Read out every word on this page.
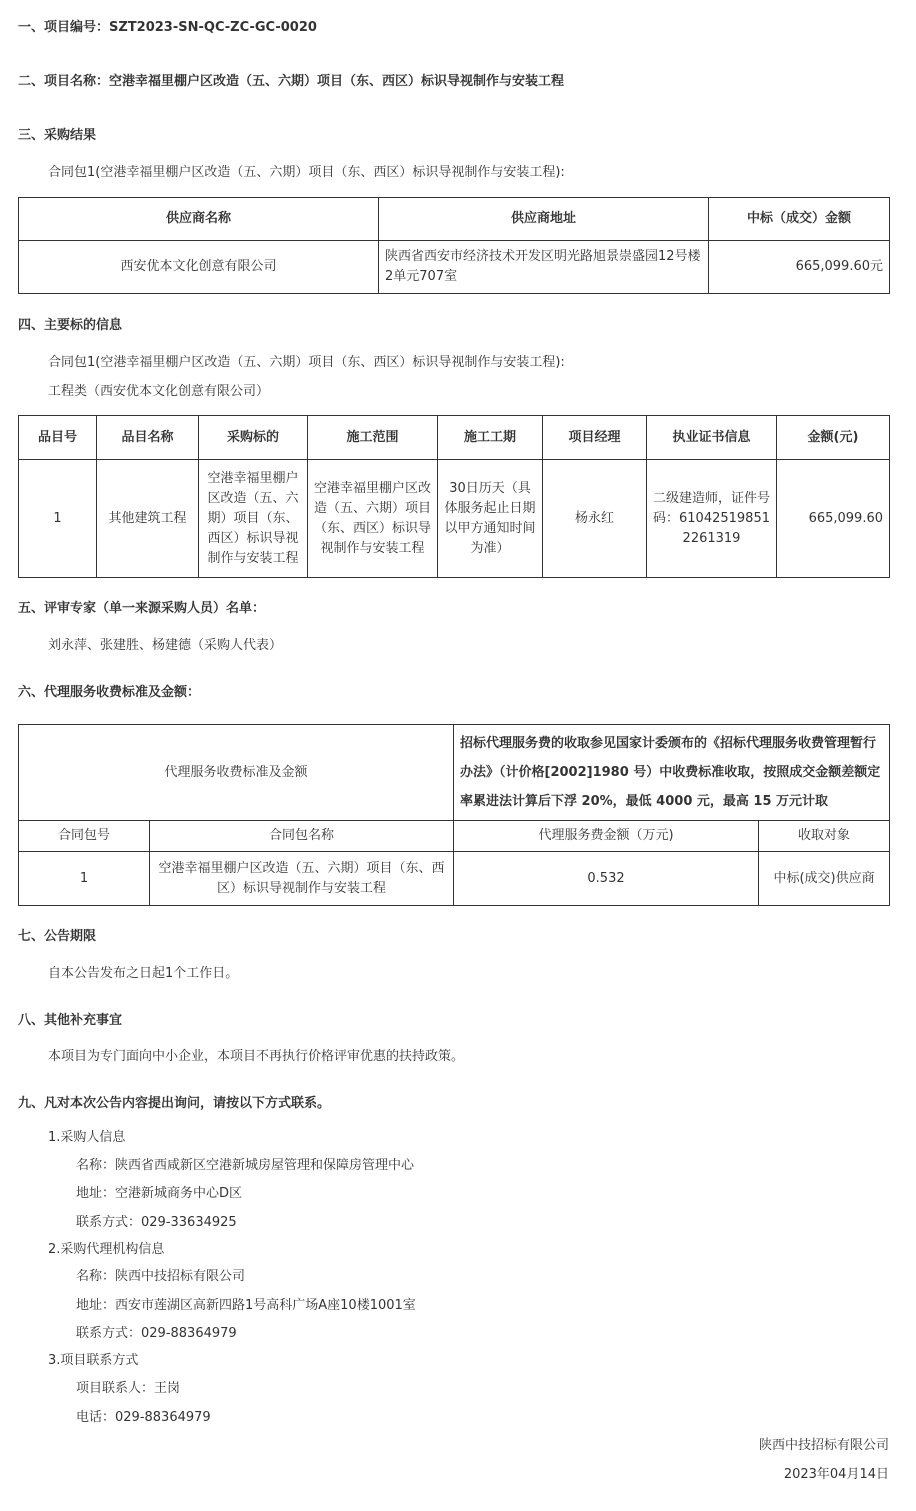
一、项目编号：SZT2023-SN-QC-ZC-GC-0020
二、项目名称：空港幸福里棚户区改造（五、六期）项目（东、西区）标识导视制作与安装工程
三、采购结果
合同包1(空港幸福里棚户区改造（五、六期）项目（东、西区）标识导视制作与安装工程):
供应商名称	供应商地址	中标（成交）金额
西安优本文化创意有限公司	陕西省西安市经济技术开发区明光路旭景崇盛园12号楼2单元707室	665,099.60元
四、主要标的信息
合同包1(空港幸福里棚户区改造（五、六期）项目（东、西区）标识导视制作与安装工程):
工程类（西安优本文化创意有限公司）
品目号	品目名称	采购标的	施工范围	施工工期	项目经理	执业证书信息	金额(元)
1	其他建筑工程	空港幸福里棚户区改造（五、六期）项目（东、西区）标识导视制作与安装工程	空港幸福里棚户区改造（五、六期）项目（东、西区）标识导视制作与安装工程	30日历天（具体服务起止日期以甲方通知时间为准）	杨永红	二级建造师，证件号码：610425198512261319	665,099.60
五、评审专家（单一来源采购人员）名单：
刘永萍、张建胜、杨建德（采购人代表）
六、代理服务收费标准及金额：
代理服务收费标准及金额		招标代理服务费的收取参见国家计委颁布的《招标代理服务收费管理暂行办法》（计价格[2002]1980 号）中收费标准收取，按照成交金额差额定率累进法计算后下浮 20%，最低 4000 元，最高 15 万元计取	
合同包号	合同包名称	代理服务费金额（万元)	收取对象
1	空港幸福里棚户区改造（五、六期）项目（东、西区）标识导视制作与安装工程	0.532	中标(成交)供应商
七、公告期限
自本公告发布之日起1个工作日。
八、其他补充事宜
本项目为专门面向中小企业，本项目不再执行价格评审优惠的扶持政策。
九、凡对本次公告内容提出询问，请按以下方式联系。
1.采购人信息
名称：陕西省西咸新区空港新城房屋管理和保障房管理中心
地址：空港新城商务中心D区
联系方式：029-33634925
2.采购代理机构信息
名称：陕西中技招标有限公司
地址：西安市莲湖区高新四路1号高科广场A座10楼1001室
联系方式：029-88364979
3.项目联系方式
项目联系人：王岗
电话：029-88364979
陕西中技招标有限公司
2023年04月14日
